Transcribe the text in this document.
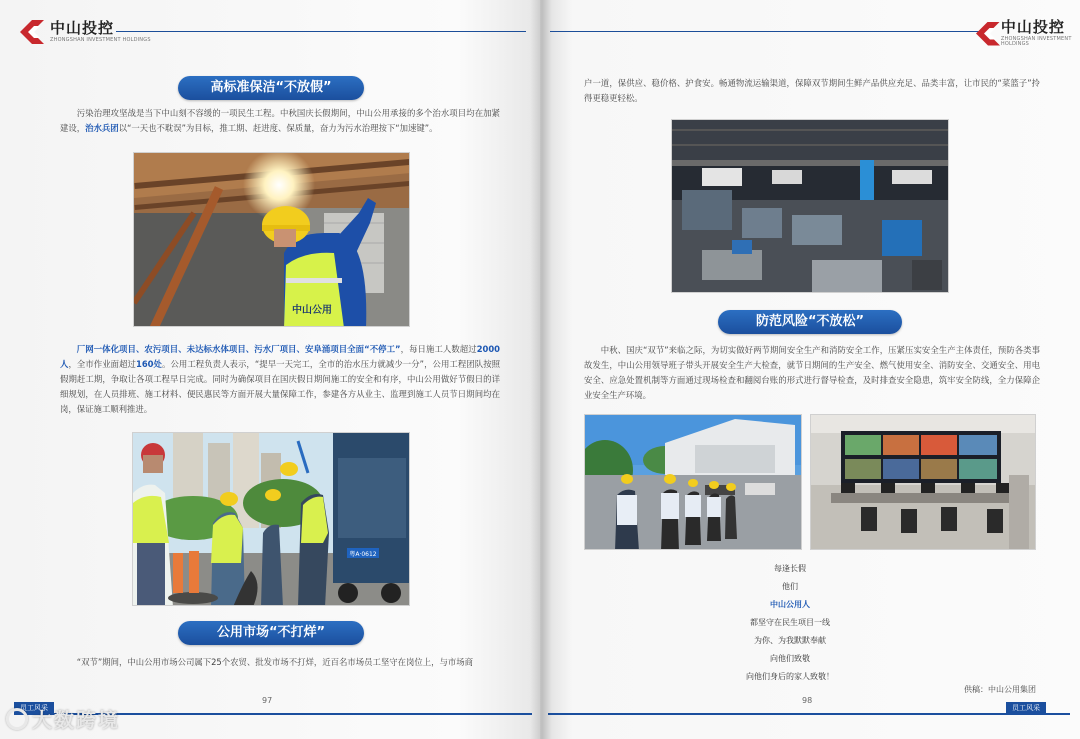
中山投控
ZHONGSHAN INVESTMENT HOLDINGS
高标准保洁“不放假”

污染治理攻坚战是当下中山刻不容缓的一项民生工程。中秋国庆长假期间，中山公用承接的多个治水项目均在加紧建设，治水兵团以“一天也不耽误”为目标，推工期、赶进度、保质量，奋力为污水治理按下“加速键”。

中山公用

厂网一体化项目、农污项目、未达标水体项目、污水厂项目、安阜涌项目全面“不停工”，每日施工人数超过2000人，全市作业面超过160处。公用工程负责人表示，“提早一天完工，全市的治水压力就减少一分”，公用工程团队按照假期赶工期，争取让各项工程早日完成。同时为确保项目在国庆假日期间施工的安全和有序，中山公用做好节假日的详细规划，在人员排班、施工材料、便民惠民等方面开展大量保障工作，参建各方从业主、监理到施工人员节日期间均在岗，保证施工顺利推进。

粤A·0612
公用市场“不打烊”

“双节”期间，中山公用市场公司属下25个农贸、批发市场不打烊，近百名市场员工坚守在岗位上，与市场商

97
员工风采
中山投控
ZHONGSHAN INVESTMENT HOLDINGS

户一道，保供应、稳价格、护食安。畅通物流运输渠道，保障双节期间生鲜产品供应充足、品类丰富，让市民的“菜篮子”拎得更稳更轻松。

防范风险“不放松”

中秋、国庆“双节”来临之际，为切实做好两节期间安全生产和消防安全工作，压紧压实安全生产主体责任，预防各类事故发生，中山公用领导班子带头开展安全生产大检查，就节日期间的生产安全、燃气使用安全、消防安全、交通安全、用电安全、应急处置机制等方面通过现场检查和翻阅台账的形式进行督导检查，及时排查安全隐患，筑牢安全防线，全力保障企业安全生产环境。

98
员工风采
每逢长假
他们
中山公用人
都坚守在民生项目一线
为你、为我默默奉献
向他们致敬
向他们身后的家人致敬！
供稿：中山公用集团
大数跨境
